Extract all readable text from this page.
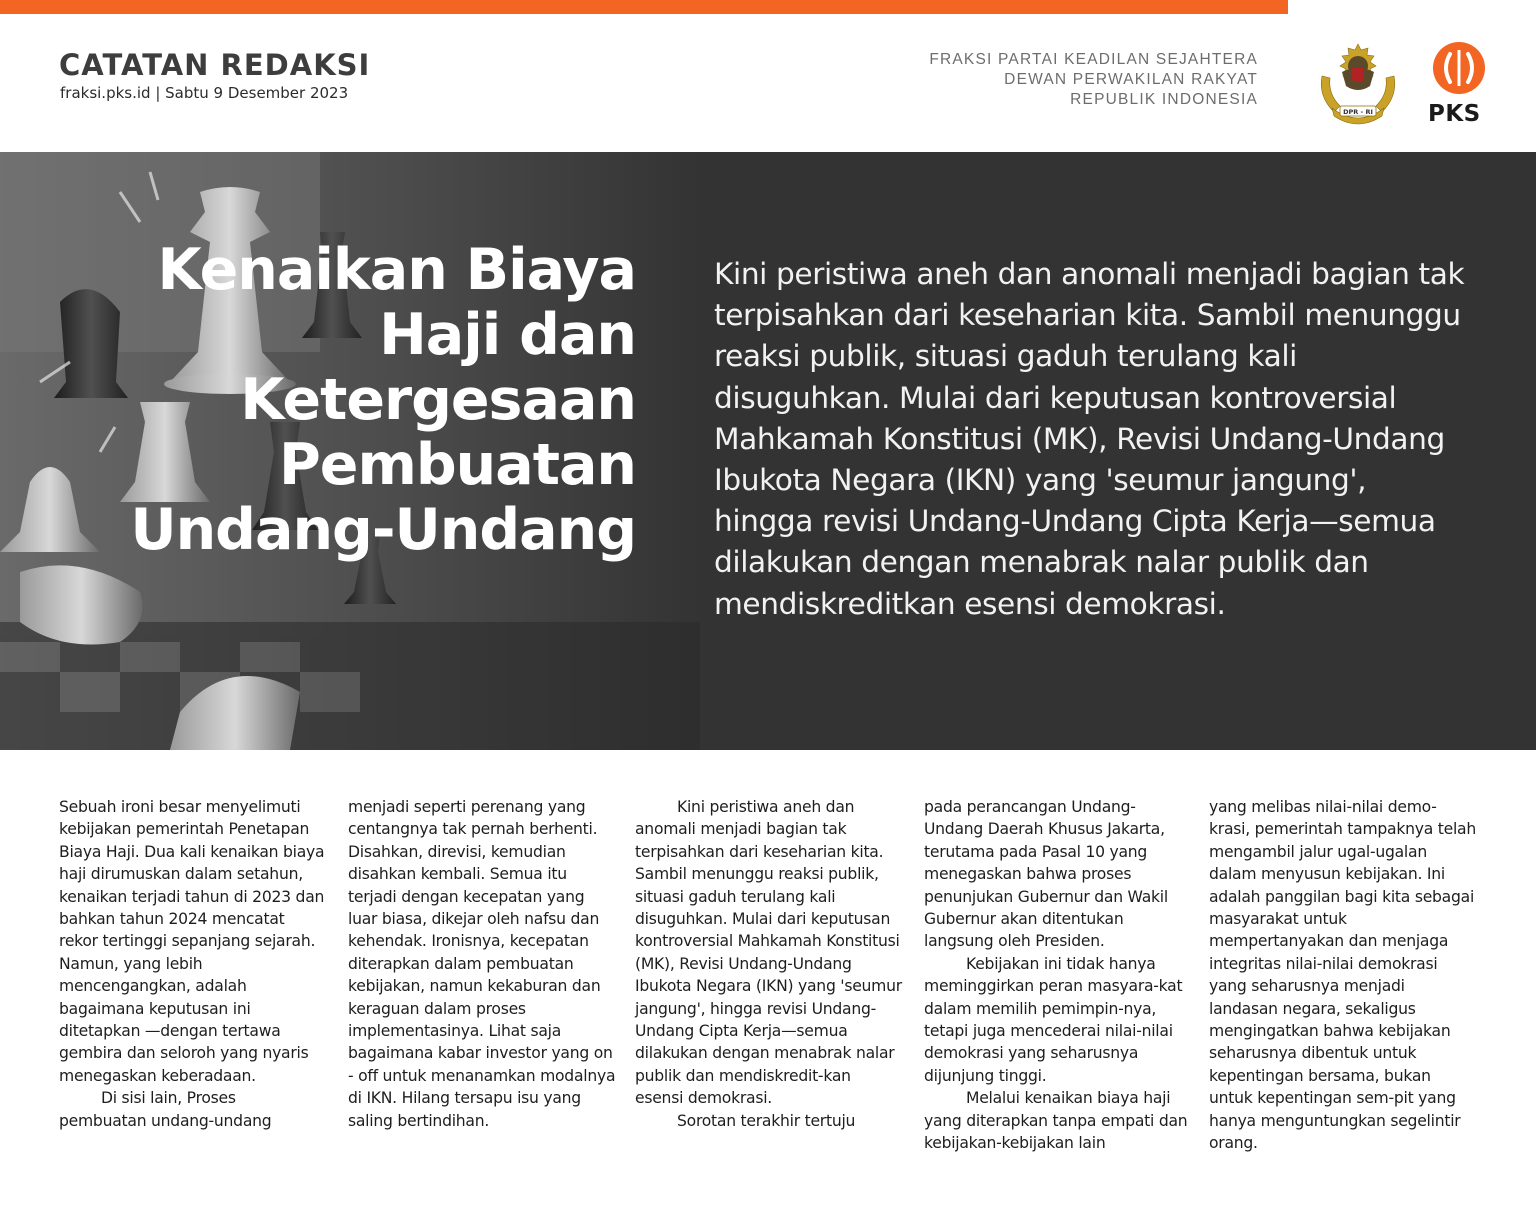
CATATAN REDAKSI
fraksi.pks.id | Sabtu 9 Desember 2023
FRAKSI PARTAI KEADILAN SEJAHTERA
DEWAN PERWAKILAN RAKYAT
REPUBLIK INDONESIA
DPR - RI PKS
Kenaikan Biaya Haji dan Ketergesaan Pembuatan Undang-Undang

Kini peristiwa aneh dan anomali menjadi bagian tak terpisahkan dari keseharian kita. Sambil menunggu reaksi publik, situasi gaduh terulang kali disuguhkan. Mulai dari keputusan kontroversial Mahkamah Konstitusi (MK), Revisi Undang-Undang Ibukota Negara (IKN) yang 'seumur jangung', hingga revisi Undang-Undang Cipta Kerja—semua dilakukan dengan menabrak nalar publik dan mendiskreditkan esensi demokrasi.

Sebuah ironi besar menyelimuti kebijakan pemerintah Penetapan Biaya Haji. Dua kali kenaikan biaya haji dirumuskan dalam setahun, kenaikan terjadi tahun di 2023 dan bahkan tahun 2024 mencatat rekor tertinggi sepanjang sejarah. Namun, yang lebih mencengangkan, adalah bagaimana keputusan ini ditetapkan —dengan tertawa gembira dan seloroh yang nyaris menegaskan keberadaan.

Di sisi lain, Proses pembuatan undang-undang

menjadi seperti perenang yang centangnya tak pernah berhenti. Disahkan, direvisi, kemudian disahkan kembali. Semua itu terjadi dengan kecepatan yang luar biasa, dikejar oleh nafsu dan kehendak. Ironisnya, kecepatan diterapkan dalam pembuatan kebijakan, namun kekaburan dan keraguan dalam proses implementasinya. Lihat saja bagaimana kabar investor yang on - off untuk menanamkan modalnya di IKN. Hilang tersapu isu yang saling bertindihan.

Kini peristiwa aneh dan anomali menjadi bagian tak terpisahkan dari keseharian kita. Sambil menunggu reaksi publik, situasi gaduh terulang kali disuguhkan. Mulai dari keputusan kontroversial Mahkamah Konstitusi (MK), Revisi Undang-Undang Ibukota Negara (IKN) yang 'seumur jangung', hingga revisi Undang-Undang Cipta Kerja—semua dilakukan dengan menabrak nalar publik dan mendiskredit-kan esensi demokrasi.

Sorotan terakhir tertuju

pada perancangan Undang-Undang Daerah Khusus Jakarta, terutama pada Pasal 10 yang menegaskan bahwa proses penunjukan Gubernur dan Wakil Gubernur akan ditentukan langsung oleh Presiden.

Kebijakan ini tidak hanya meminggirkan peran masyara-kat dalam memilih pemimpin-nya, tetapi juga mencederai nilai-nilai demokrasi yang seharusnya dijunjung tinggi.

Melalui kenaikan biaya haji yang diterapkan tanpa empati dan kebijakan-kebijakan lain

yang melibas nilai-nilai demo-krasi, pemerintah tampaknya telah mengambil jalur ugal-ugalan dalam menyusun kebijakan. Ini adalah panggilan bagi kita sebagai masyarakat untuk mempertanyakan dan menjaga integritas nilai-nilai demokrasi yang seharusnya menjadi landasan negara, sekaligus mengingatkan bahwa kebijakan seharusnya dibentuk untuk kepentingan bersama, bukan untuk kepentingan sem-pit yang hanya menguntungkan segelintir orang.
